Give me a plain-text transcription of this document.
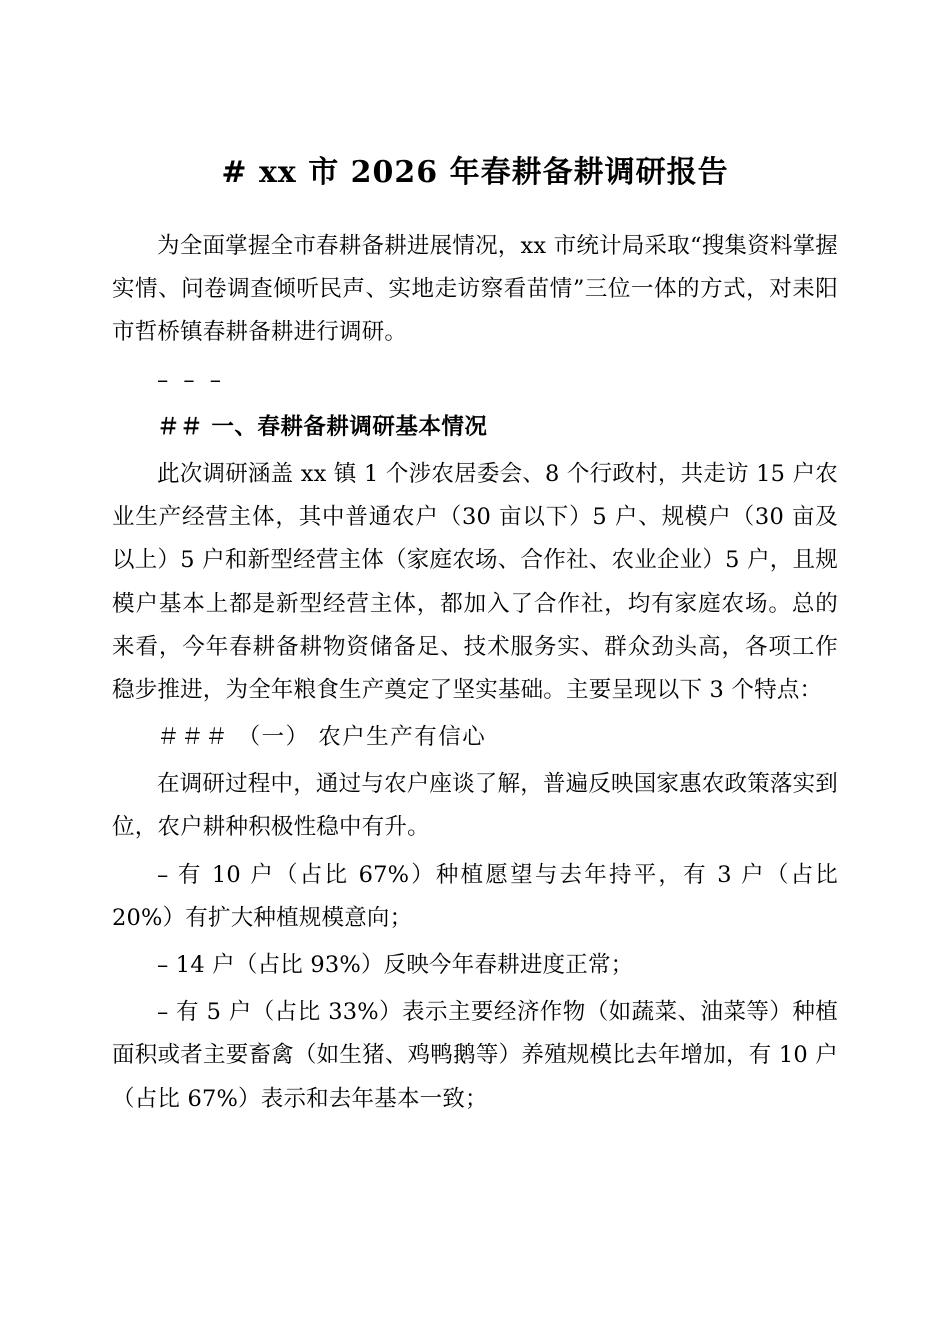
# xx 市 2026 年春耕备耕调研报告

为全面掌握全市春耕备耕进展情况，xx 市统计局采取“搜集资料掌握实情、问卷调查倾听民声、实地走访察看苗情”三位一体的方式，对耒阳市哲桥镇春耕备耕进行调研。

– – –

＃＃ 一、春耕备耕调研基本情况

此次调研涵盖 xx 镇 1 个涉农居委会、8 个行政村，共走访 15 户农业生产经营主体，其中普通农户（30 亩以下）5 户、规模户（30 亩及以上）5 户和新型经营主体（家庭农场、合作社、农业企业）5 户，且规模户基本上都是新型经营主体，都加入了合作社，均有家庭农场。总的来看，今年春耕备耕物资储备足、技术服务实、群众劲头高，各项工作稳步推进，为全年粮食生产奠定了坚实基础。主要呈现以下 3 个特点：

＃＃＃ （一） 农户生产有信心

在调研过程中，通过与农户座谈了解，普遍反映国家惠农政策落实到位，农户耕种积极性稳中有升。

– 有 10 户（占比 67%）种植愿望与去年持平，有 3 户（占比 20%）有扩大种植规模意向；

– 14 户（占比 93%）反映今年春耕进度正常；

– 有 5 户（占比 33%）表示主要经济作物（如蔬菜、油菜等）种植面积或者主要畜禽（如生猪、鸡鸭鹅等）养殖规模比去年增加，有 10 户（占比 67%）表示和去年基本一致；
